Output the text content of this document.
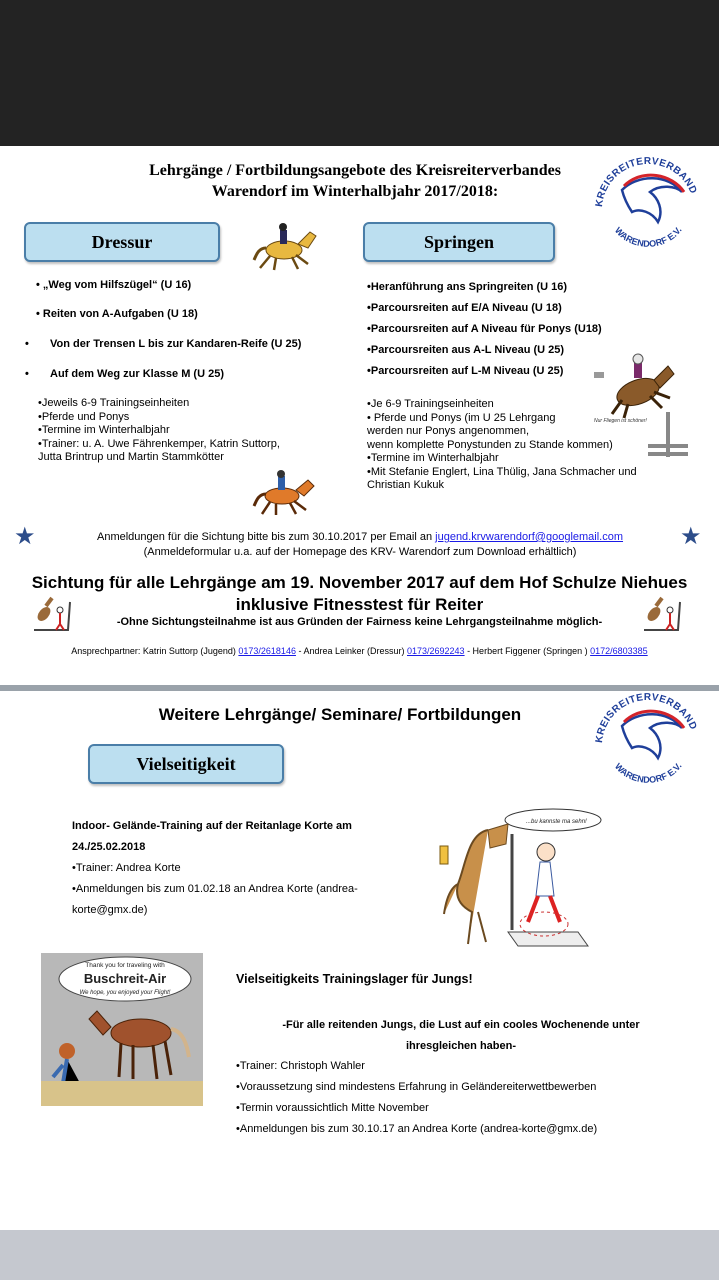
Lehrgänge / Fortbildungsangebote des Kreisreiterverbandes
Warendorf im Winterhalbjahr 2017/2018:
KREISREITERVERBAND
WARENDORF E.V.
Dressur	Springen
• „Weg vom Hilfszügel“ (U 16)
• Reiten von A-Aufgaben (U 18)
• Von der Trensen L bis zur Kandaren-Reife (U 25)
• Auf dem Weg zur Klasse M (U 25)
•Jeweils 6-9 Trainingseinheiten
•Pferde und Ponys
•Termine im Winterhalbjahr
•Trainer: u. A. Uwe Fährenkemper, Katrin Suttorp,
Jutta Brintrup und Martin Stammkötter
•Heranführung ans Springreiten (U 16)
•Parcoursreiten auf E/A Niveau (U 18)
•Parcoursreiten auf A Niveau für Ponys (U18)
•Parcoursreiten aus A-L Niveau (U 25)
•Parcoursreiten auf L-M Niveau (U 25)
Nur Fliegen ist schöner!
•Je 6-9 Trainingseinheiten
• Pferde und Ponys (im U 25 Lehrgang
werden nur Ponys angenommen,
wenn komplette Ponystunden zu Stande kommen)
•Termine im Winterhalbjahr
•Mit Stefanie Englert, Lina Thülig, Jana Schmacher und
Christian Kukuk
★	★
Anmeldungen für die Sichtung bitte bis zum 30.10.2017 per Email an jugend.krvwarendorf@googlemail.com
(Anmeldeformular u.a. auf der Homepage des KRV- Warendorf zum Download erhältlich)
Sichtung für alle Lehrgänge am 19. November 2017 auf dem Hof Schulze Niehues
inklusive Fitnesstest für Reiter
-Ohne Sichtungsteilnahme ist aus Gründen der Fairness keine Lehrgangsteilnahme möglich-
Ansprechpartner: Katrin Suttorp (Jugend) 0173/2618146 - Andrea Leinker (Dressur) 0173/2692243 - Herbert Figgener (Springen ) 0172/6803385
Weitere Lehrgänge/ Seminare/ Fortbildungen
KREISREITERVERBAND
WARENDORF E.V.
Vielseitigkeit
Indoor- Gelände-Training auf der Reitanlage Korte am
24./25.02.2018
•Trainer: Andrea Korte
•Anmeldungen bis zum 01.02.18 an Andrea Korte (andrea-
korte@gmx.de)
...bu kannste ma sehn!
Thank you for traveling with
Buschreit-Air
We hope, you enjoyed your Flight!
Vielseitigkeits Trainingslager für Jungs!
-Für alle reitenden Jungs, die Lust auf ein cooles Wochenende unter
ihresgleichen haben-
•Trainer: Christoph Wahler
•Voraussetzung sind mindestens Erfahrung in Geländereiterwettbewerben
•Termin voraussichtlich Mitte November
•Anmeldungen bis zum 30.10.17 an Andrea Korte (andrea-korte@gmx.de)
